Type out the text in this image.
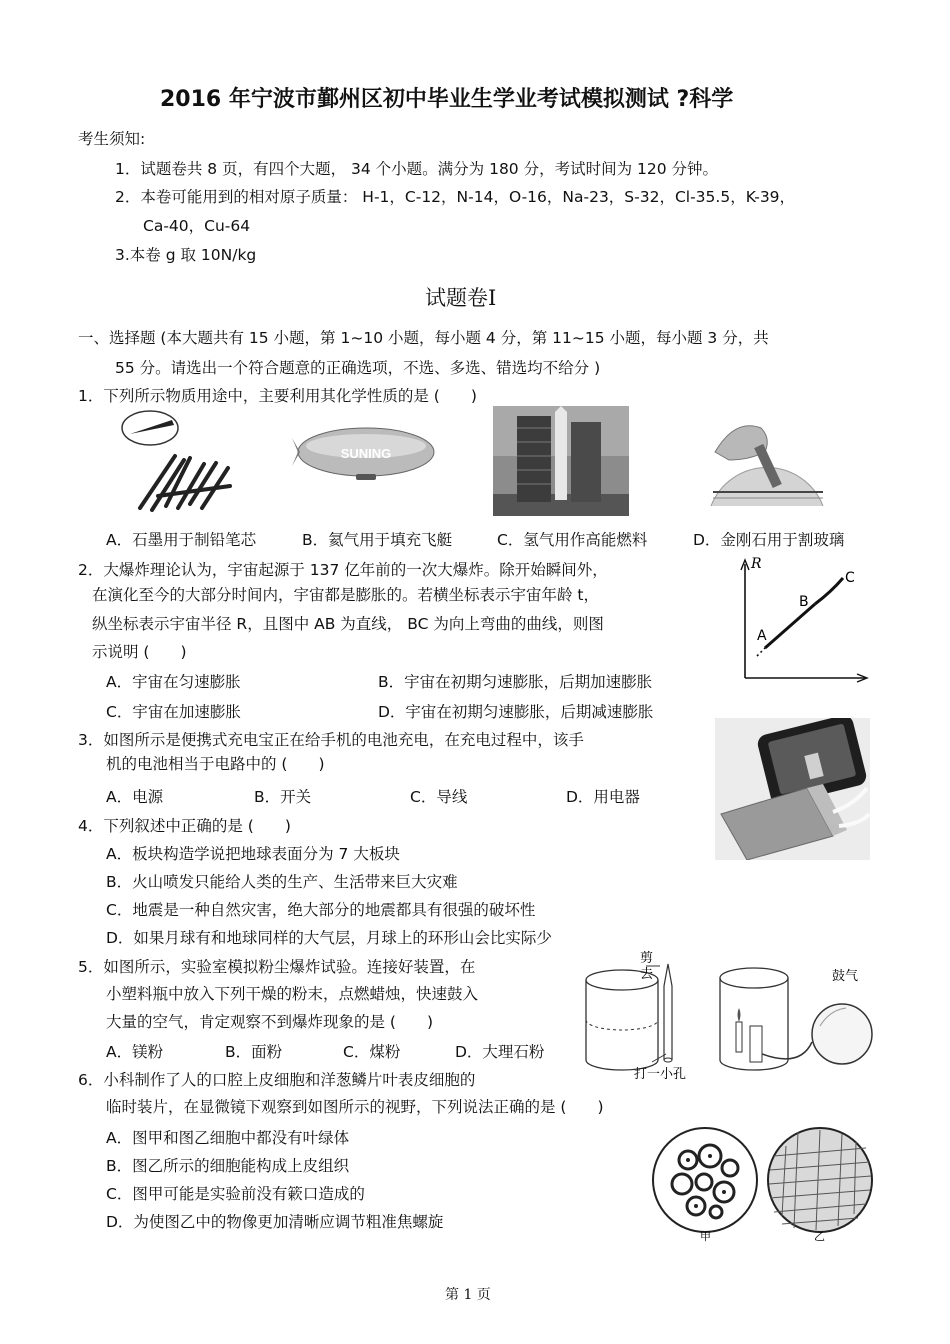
2016 年宁波市鄞州区初中毕业生学业考试模拟测试 ?科学
考生须知:
1．试题卷共 8 页，有四个大题， 34 个小题。满分为 180 分，考试时间为 120 分钟。
2．本卷可能用到的相对原子质量： H-1，C-12，N-14，O-16，Na-23，S-32，Cl-35.5，K-39，
Ca-40，Cu-64
3.本卷 g 取 10N/kg
试题卷Ⅰ
一、选择题 (本大题共有 15 小题，第 1~10 小题，每小题 4 分，第 11~15 小题，每小题 3 分，共
55 分。请选出一个符合题意的正确选项，不选、多选、错选均不给分 )
1．下列所示物质用途中，主要利用其化学性质的是 (　　)
SUNING
A．石墨用于制铅笔芯	B．氦气用于填充飞艇	C．氢气用作高能燃料	D．金刚石用于割玻璃
2．大爆炸理论认为，宇宙起源于 137 亿年前的一次大爆炸。除开始瞬间外，
在演化至今的大部分时间内，宇宙都是膨胀的。若横坐标表示宇宙年龄 t，
纵坐标表示宇宙半径 R，且图中 AB 为直线， BC 为向上弯曲的曲线，则图
示说明 (　　)
A．宇宙在匀速膨胀	B．宇宙在初期匀速膨胀，后期加速膨胀
C．宇宙在加速膨胀	D．宇宙在初期匀速膨胀，后期减速膨胀
R
A
B
C
3．如图所示是便携式充电宝正在给手机的电池充电，在充电过程中，该手
机的电池相当于电路中的 (　　)
A．电源	B．开关	C．导线	D．用电器
4．下列叙述中正确的是 (　　)
A．板块构造学说把地球表面分为 7 大板块
B．火山喷发只能给人类的生产、生活带来巨大灾难
C．地震是一种自然灾害，绝大部分的地震都具有很强的破坏性
D．如果月球有和地球同样的大气层，月球上的环形山会比实际少
5．如图所示，实验室模拟粉尘爆炸试验。连接好装置，在
小塑料瓶中放入下列干燥的粉末，点燃蜡烛，快速鼓入
大量的空气，肯定观察不到爆炸现象的是 (　　)
A．镁粉	B．面粉	C．煤粉	D．大理石粉
剪
去
打一小孔
鼓气
6．小科制作了人的口腔上皮细胞和洋葱鳞片叶表皮细胞的
临时装片，在显微镜下观察到如图所示的视野，下列说法正确的是 (　　)
A．图甲和图乙细胞中都没有叶绿体
B．图乙所示的细胞能构成上皮组织
C．图甲可能是实验前没有簌口造成的
D．为使图乙中的物像更加清晰应调节粗准焦螺旋
甲	乙
第 1 页
